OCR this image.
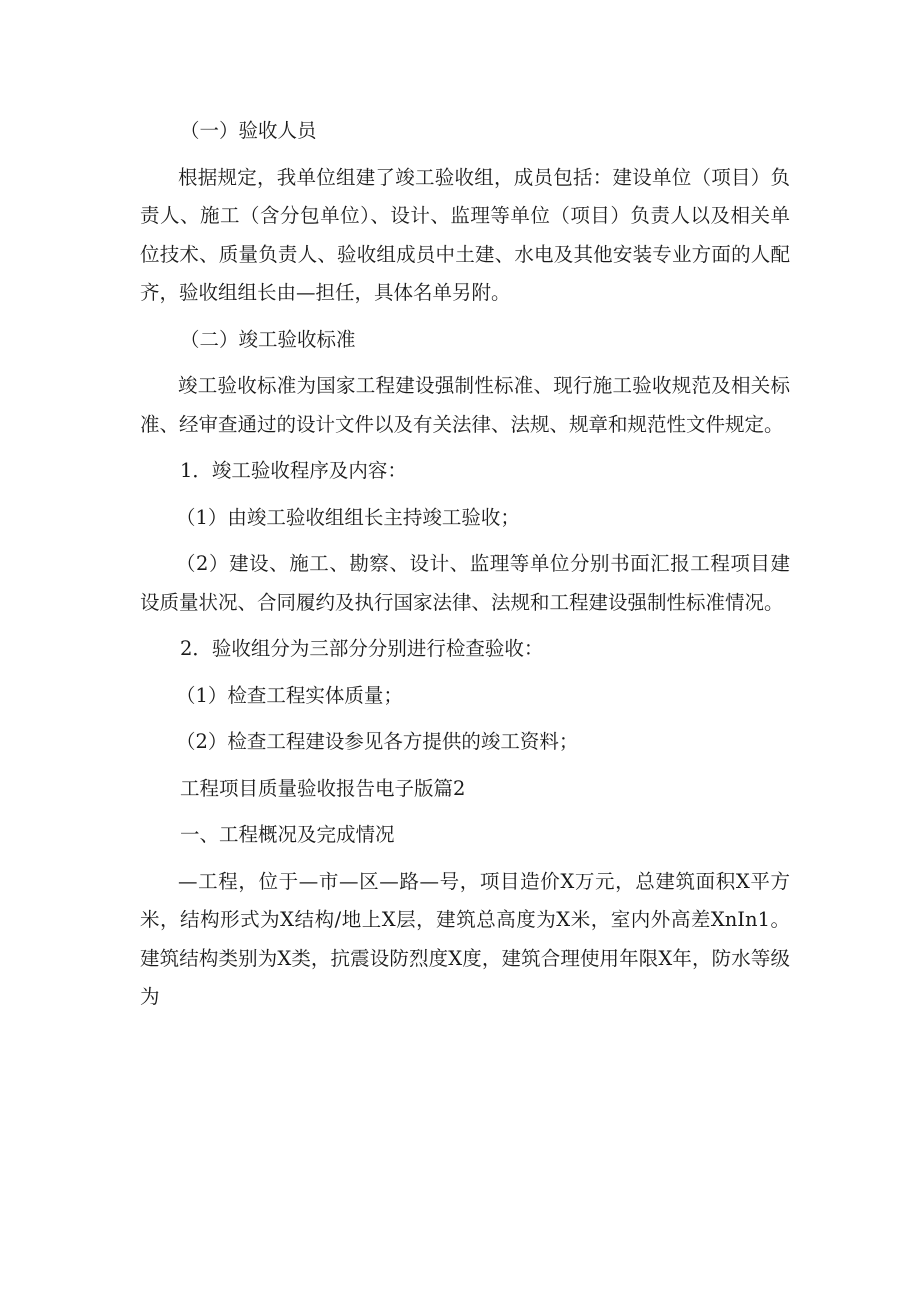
（一）验收人员

根据规定，我单位组建了竣工验收组，成员包括：建设单位（项目）负责人、施工（含分包单位）、设计、监理等单位（项目）负责人以及相关单位技术、质量负责人、验收组成员中土建、水电及其他安装专业方面的人配齐，验收组组长由—担任，具体名单另附。

（二）竣工验收标准

竣工验收标准为国家工程建设强制性标准、现行施工验收规范及相关标准、经审查通过的设计文件以及有关法律、法规、规章和规范性文件规定。

1．竣工验收程序及内容：

（1）由竣工验收组组长主持竣工验收；

（2）建设、施工、勘察、设计、监理等单位分别书面汇报工程项目建设质量状况、合同履约及执行国家法律、法规和工程建设强制性标准情况。

2．验收组分为三部分分别进行检查验收：

（1）检查工程实体质量；

（2）检查工程建设参见各方提供的竣工资料；

工程项目质量验收报告电子版篇2

一、工程概况及完成情况

—工程，位于—市—区—路—号，项目造价X万元，总建筑面积X平方米，结构形式为X结构/地上X层，建筑总高度为X米，室内外高差XnIn1。建筑结构类别为X类，抗震设防烈度X度，建筑合理使用年限X年，防水等级为
